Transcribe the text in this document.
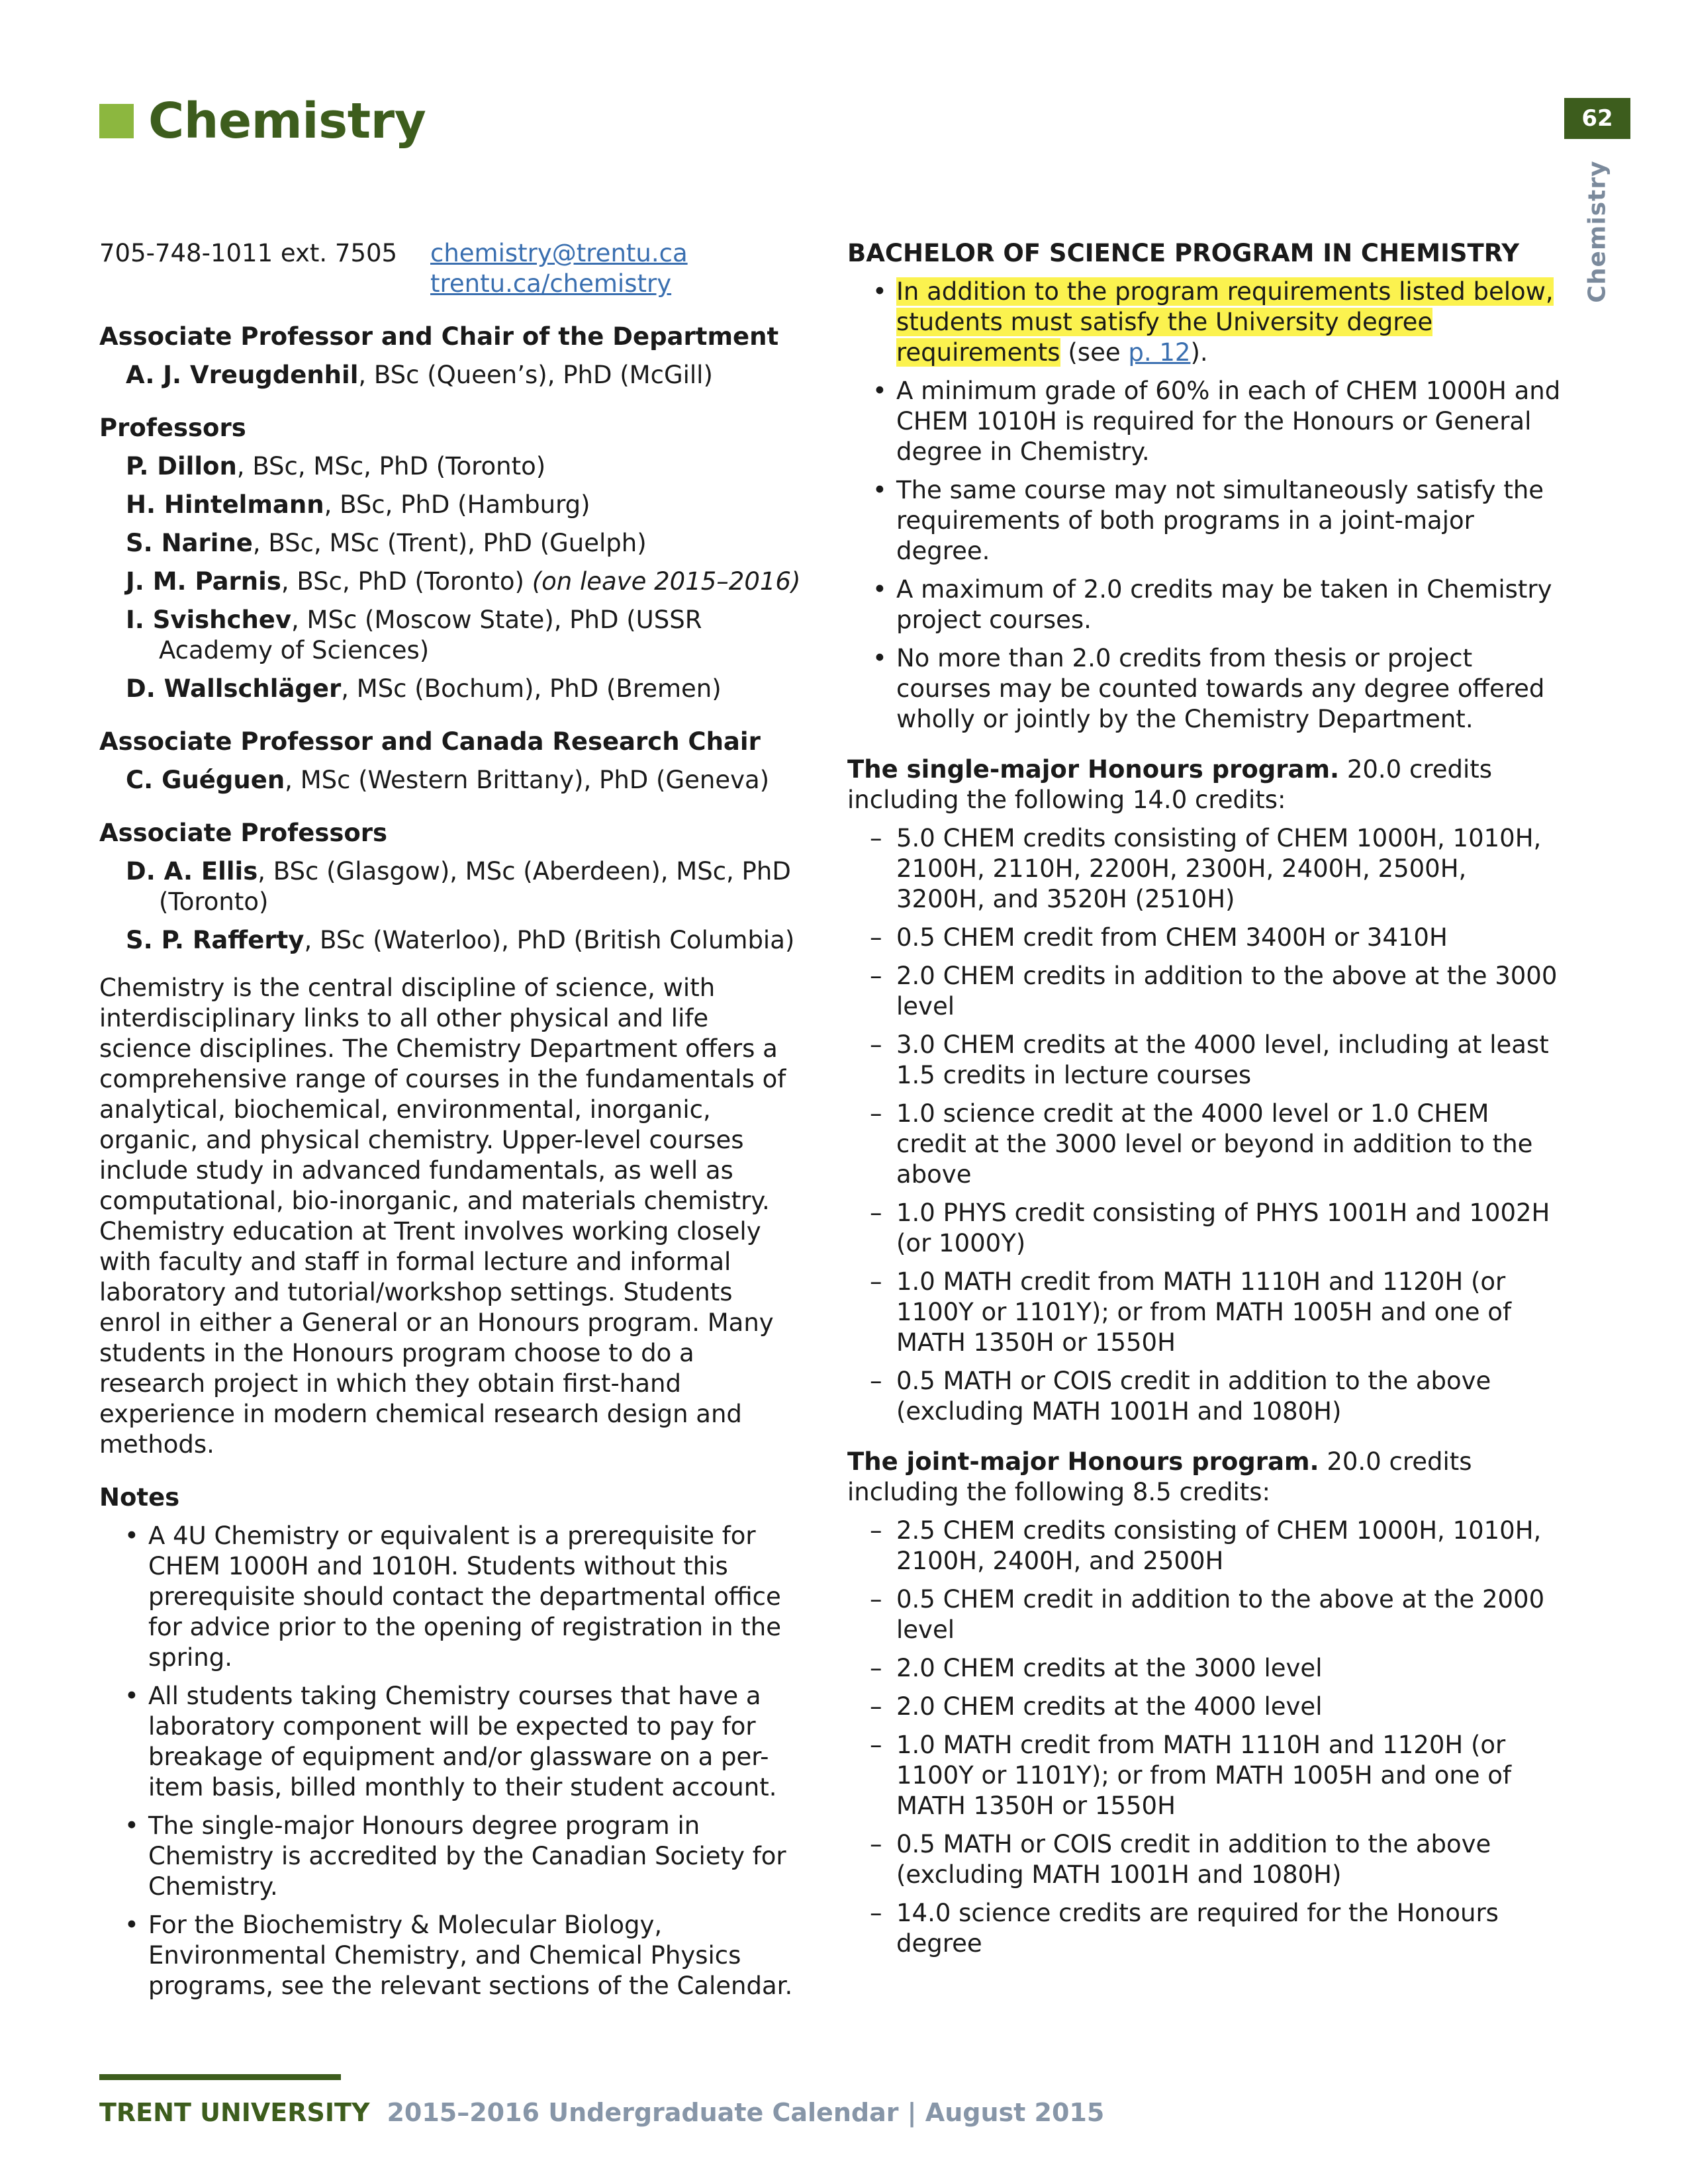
Chemistry	62
Chemistry
705-748-1011 ext. 7505	chemistry@trentu.ca
trentu.ca/chemistry
Associate Professor and Chair of the Department
A. J. Vreugdenhil, BSc (Queen’s), PhD (McGill)
Professors
P. Dillon, BSc, MSc, PhD (Toronto)
H. Hintelmann, BSc, PhD (Hamburg)
S. Narine, BSc, MSc (Trent), PhD (Guelph)
J. M. Parnis, BSc, PhD (Toronto) (on leave 2015–2016)
I. Svishchev, MSc (Moscow State), PhD (USSR Academy of Sciences)
D. Wallschläger, MSc (Bochum), PhD (Bremen)
Associate Professor and Canada Research Chair
C. Guéguen, MSc (Western Brittany), PhD (Geneva)
Associate Professors
D. A. Ellis, BSc (Glasgow), MSc (Aberdeen), MSc, PhD (Toronto)
S. P. Rafferty, BSc (Waterloo), PhD (British Columbia)
Chemistry is the central discipline of science, with interdisciplinary links to all other physical and life science disciplines. The Chemistry Department offers a comprehensive range of courses in the fundamentals of analytical, biochemical, environmental, inorganic, organic, and physical chemistry. Upper-level courses include study in advanced fundamentals, as well as computational, bio-inorganic, and materials chemistry. Chemistry education at Trent involves working closely with faculty and staff in formal lecture and informal laboratory and tutorial/workshop settings. Students enrol in either a General or an Honours program. Many students in the Honours program choose to do a research project in which they obtain first-hand experience in modern chemical research design and methods.
Notes
• A 4U Chemistry or equivalent is a prerequisite for CHEM 1000H and 1010H. Students without this prerequisite should contact the departmental office for advice prior to the opening of registration in the spring.
• All students taking Chemistry courses that have a laboratory component will be expected to pay for breakage of equipment and/or glassware on a per-item basis, billed monthly to their student account.
• The single-major Honours degree program in Chemistry is accredited by the Canadian Society for Chemistry.
• For the Biochemistry & Molecular Biology, Environmental Chemistry, and Chemical Physics programs, see the relevant sections of the Calendar.
BACHELOR OF SCIENCE PROGRAM IN CHEMISTRY
• In addition to the program requirements listed below, students must satisfy the University degree requirements (see p. 12).
• A minimum grade of 60% in each of CHEM 1000H and CHEM 1010H is required for the Honours or General degree in Chemistry.
• The same course may not simultaneously satisfy the requirements of both programs in a joint-major degree.
• A maximum of 2.0 credits may be taken in Chemistry project courses.
• No more than 2.0 credits from thesis or project courses may be counted towards any degree offered wholly or jointly by the Chemistry Department.
The single-major Honours program. 20.0 credits including the following 14.0 credits:
– 5.0 CHEM credits consisting of CHEM 1000H, 1010H, 2100H, 2110H, 2200H, 2300H, 2400H, 2500H, 3200H, and 3520H (2510H)
– 0.5 CHEM credit from CHEM 3400H or 3410H
– 2.0 CHEM credits in addition to the above at the 3000 level
– 3.0 CHEM credits at the 4000 level, including at least 1.5 credits in lecture courses
– 1.0 science credit at the 4000 level or 1.0 CHEM credit at the 3000 level or beyond in addition to the above
– 1.0 PHYS credit consisting of PHYS 1001H and 1002H (or 1000Y)
– 1.0 MATH credit from MATH 1110H and 1120H (or 1100Y or 1101Y); or from MATH 1005H and one of MATH 1350H or 1550H
– 0.5 MATH or COIS credit in addition to the above (excluding MATH 1001H and 1080H)
The joint-major Honours program. 20.0 credits including the following 8.5 credits:
– 2.5 CHEM credits consisting of CHEM 1000H, 1010H, 2100H, 2400H, and 2500H
– 0.5 CHEM credit in addition to the above at the 2000 level
– 2.0 CHEM credits at the 3000 level
– 2.0 CHEM credits at the 4000 level
– 1.0 MATH credit from MATH 1110H and 1120H (or 1100Y or 1101Y); or from MATH 1005H and one of MATH 1350H or 1550H
– 0.5 MATH or COIS credit in addition to the above (excluding MATH 1001H and 1080H)
– 14.0 science credits are required for the Honours degree
TRENT UNIVERSITY 2015–2016 Undergraduate Calendar | August 2015
